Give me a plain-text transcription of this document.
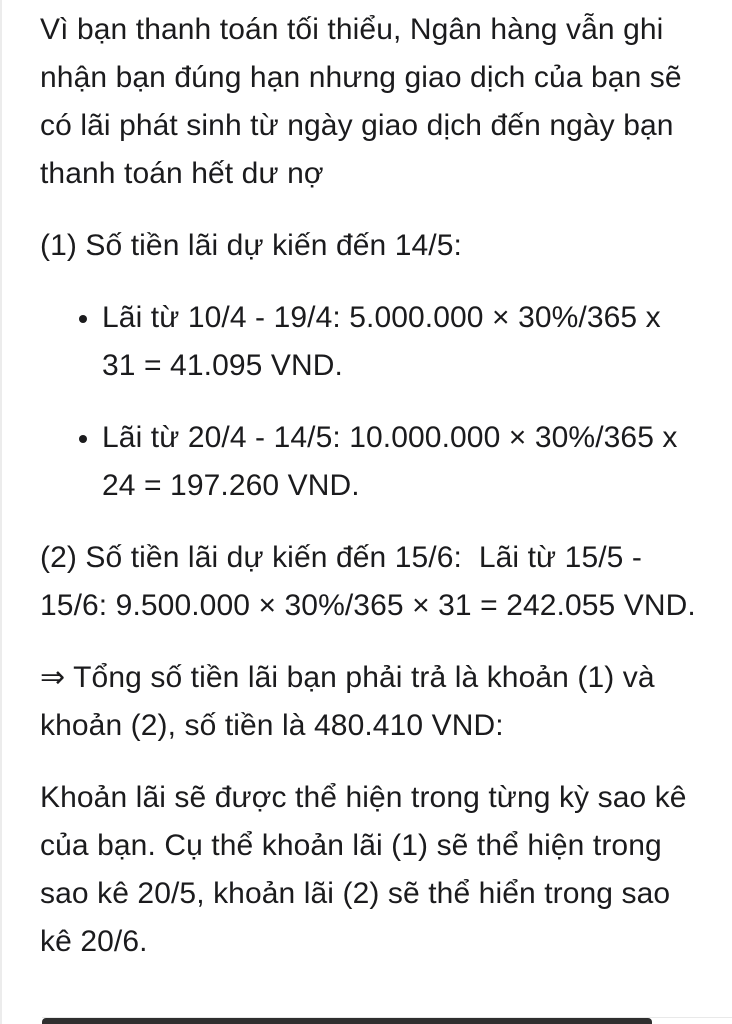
Vì bạn thanh toán tối thiểu, Ngân hàng vẫn ghi nhận bạn đúng hạn nhưng giao dịch của bạn sẽ có lãi phát sinh từ ngày giao dịch đến ngày bạn thanh toán hết dư nợ

(1) Số tiền lãi dự kiến đến 14/5:

• Lãi từ 10/4 - 19/4: 5.000.000 × 30%/365 x 31 = 41.095 VND.
• Lãi từ 20/4 - 14/5: 10.000.000 × 30%/365 x 24 = 197.260 VND.

(2) Số tiền lãi dự kiến đến 15/6:  Lãi từ 15/5 - 15/6: 9.500.000 × 30%/365 × 31 = 242.055 VND.

⇒ Tổng số tiền lãi bạn phải trả là khoản (1) và khoản (2), số tiền là 480.410 VND:

Khoản lãi sẽ được thể hiện trong từng kỳ sao kê của bạn. Cụ thể khoản lãi (1) sẽ thể hiện trong sao kê 20/5, khoản lãi (2) sẽ thể hiển trong sao kê 20/6.
